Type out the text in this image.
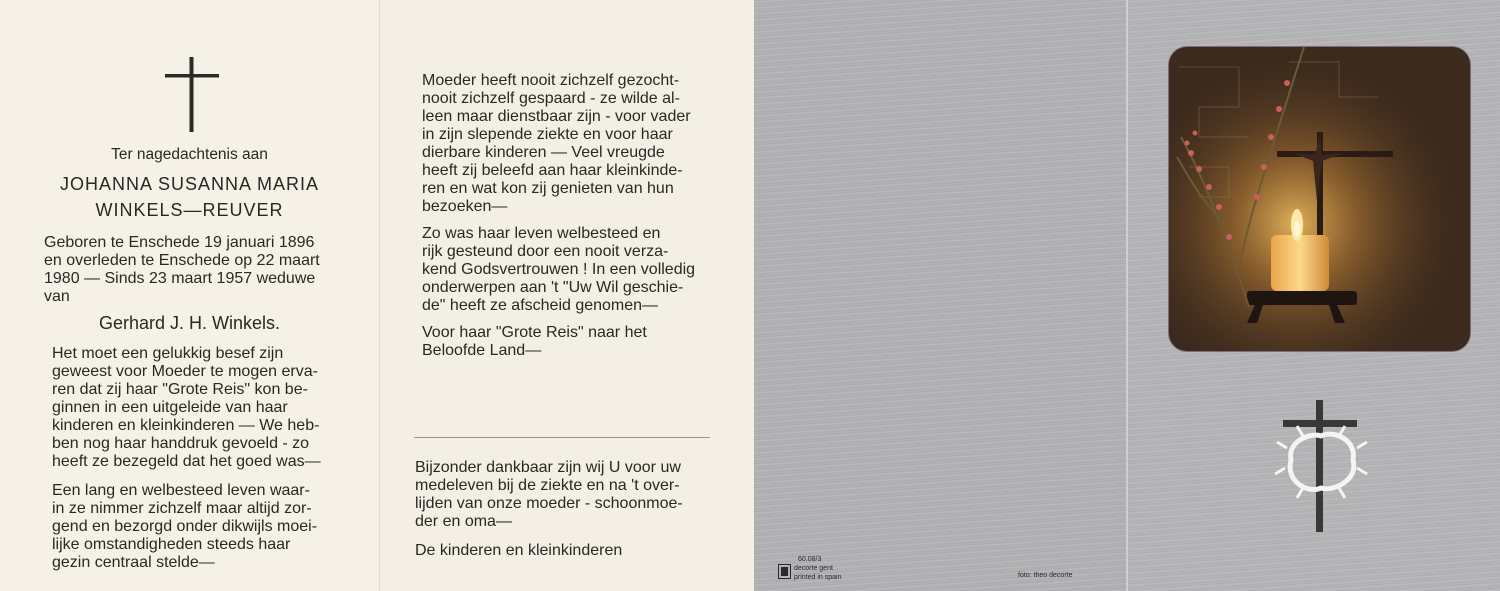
Ter nagedachtenis aan
JOHANNA SUSANNA MARIA
WINKELS—REUVER
Geboren te Enschede 19 januari 1896
en overleden te Enschede op 22 maart
1980 — Sinds 23 maart 1957 weduwe
van
Gerhard J. H. Winkels.
Het moet een gelukkig besef zijn
geweest voor Moeder te mogen erva-
ren dat zij haar "Grote Reis" kon be-
ginnen in een uitgeleide van haar
kinderen en kleinkinderen — We heb-
ben nog haar handdruk gevoeld - zo
heeft ze bezegeld dat het goed was—
Een lang en welbesteed leven waar-
in ze nimmer zichzelf maar altijd zor-
gend en bezorgd onder dikwijls moei-
lijke omstandigheden steeds haar
gezin centraal stelde—
Moeder heeft nooit zichzelf gezocht-
nooit zichzelf gespaard - ze wilde al-
leen maar dienstbaar zijn - voor vader
in zijn slepende ziekte en voor haar
dierbare kinderen — Veel vreugde
heeft zij beleefd aan haar kleinkinde-
ren en wat kon zij genieten van hun
bezoeken—
Zo was haar leven welbesteed en
rijk gesteund door een nooit verza-
kend Godsvertrouwen ! In een volledig
onderwerpen aan 't "Uw Wil geschie-
de" heeft ze afscheid genomen—
Voor haar "Grote Reis" naar het
Beloofde Land—
Bijzonder dankbaar zijn wij U voor uw
medeleven bij de ziekte en na 't over-
lijden van onze moeder - schoonmoe-
der en oma—
De kinderen en kleinkinderen
60.08/3
decorte gent
printed in spain	foto: theo decorte
